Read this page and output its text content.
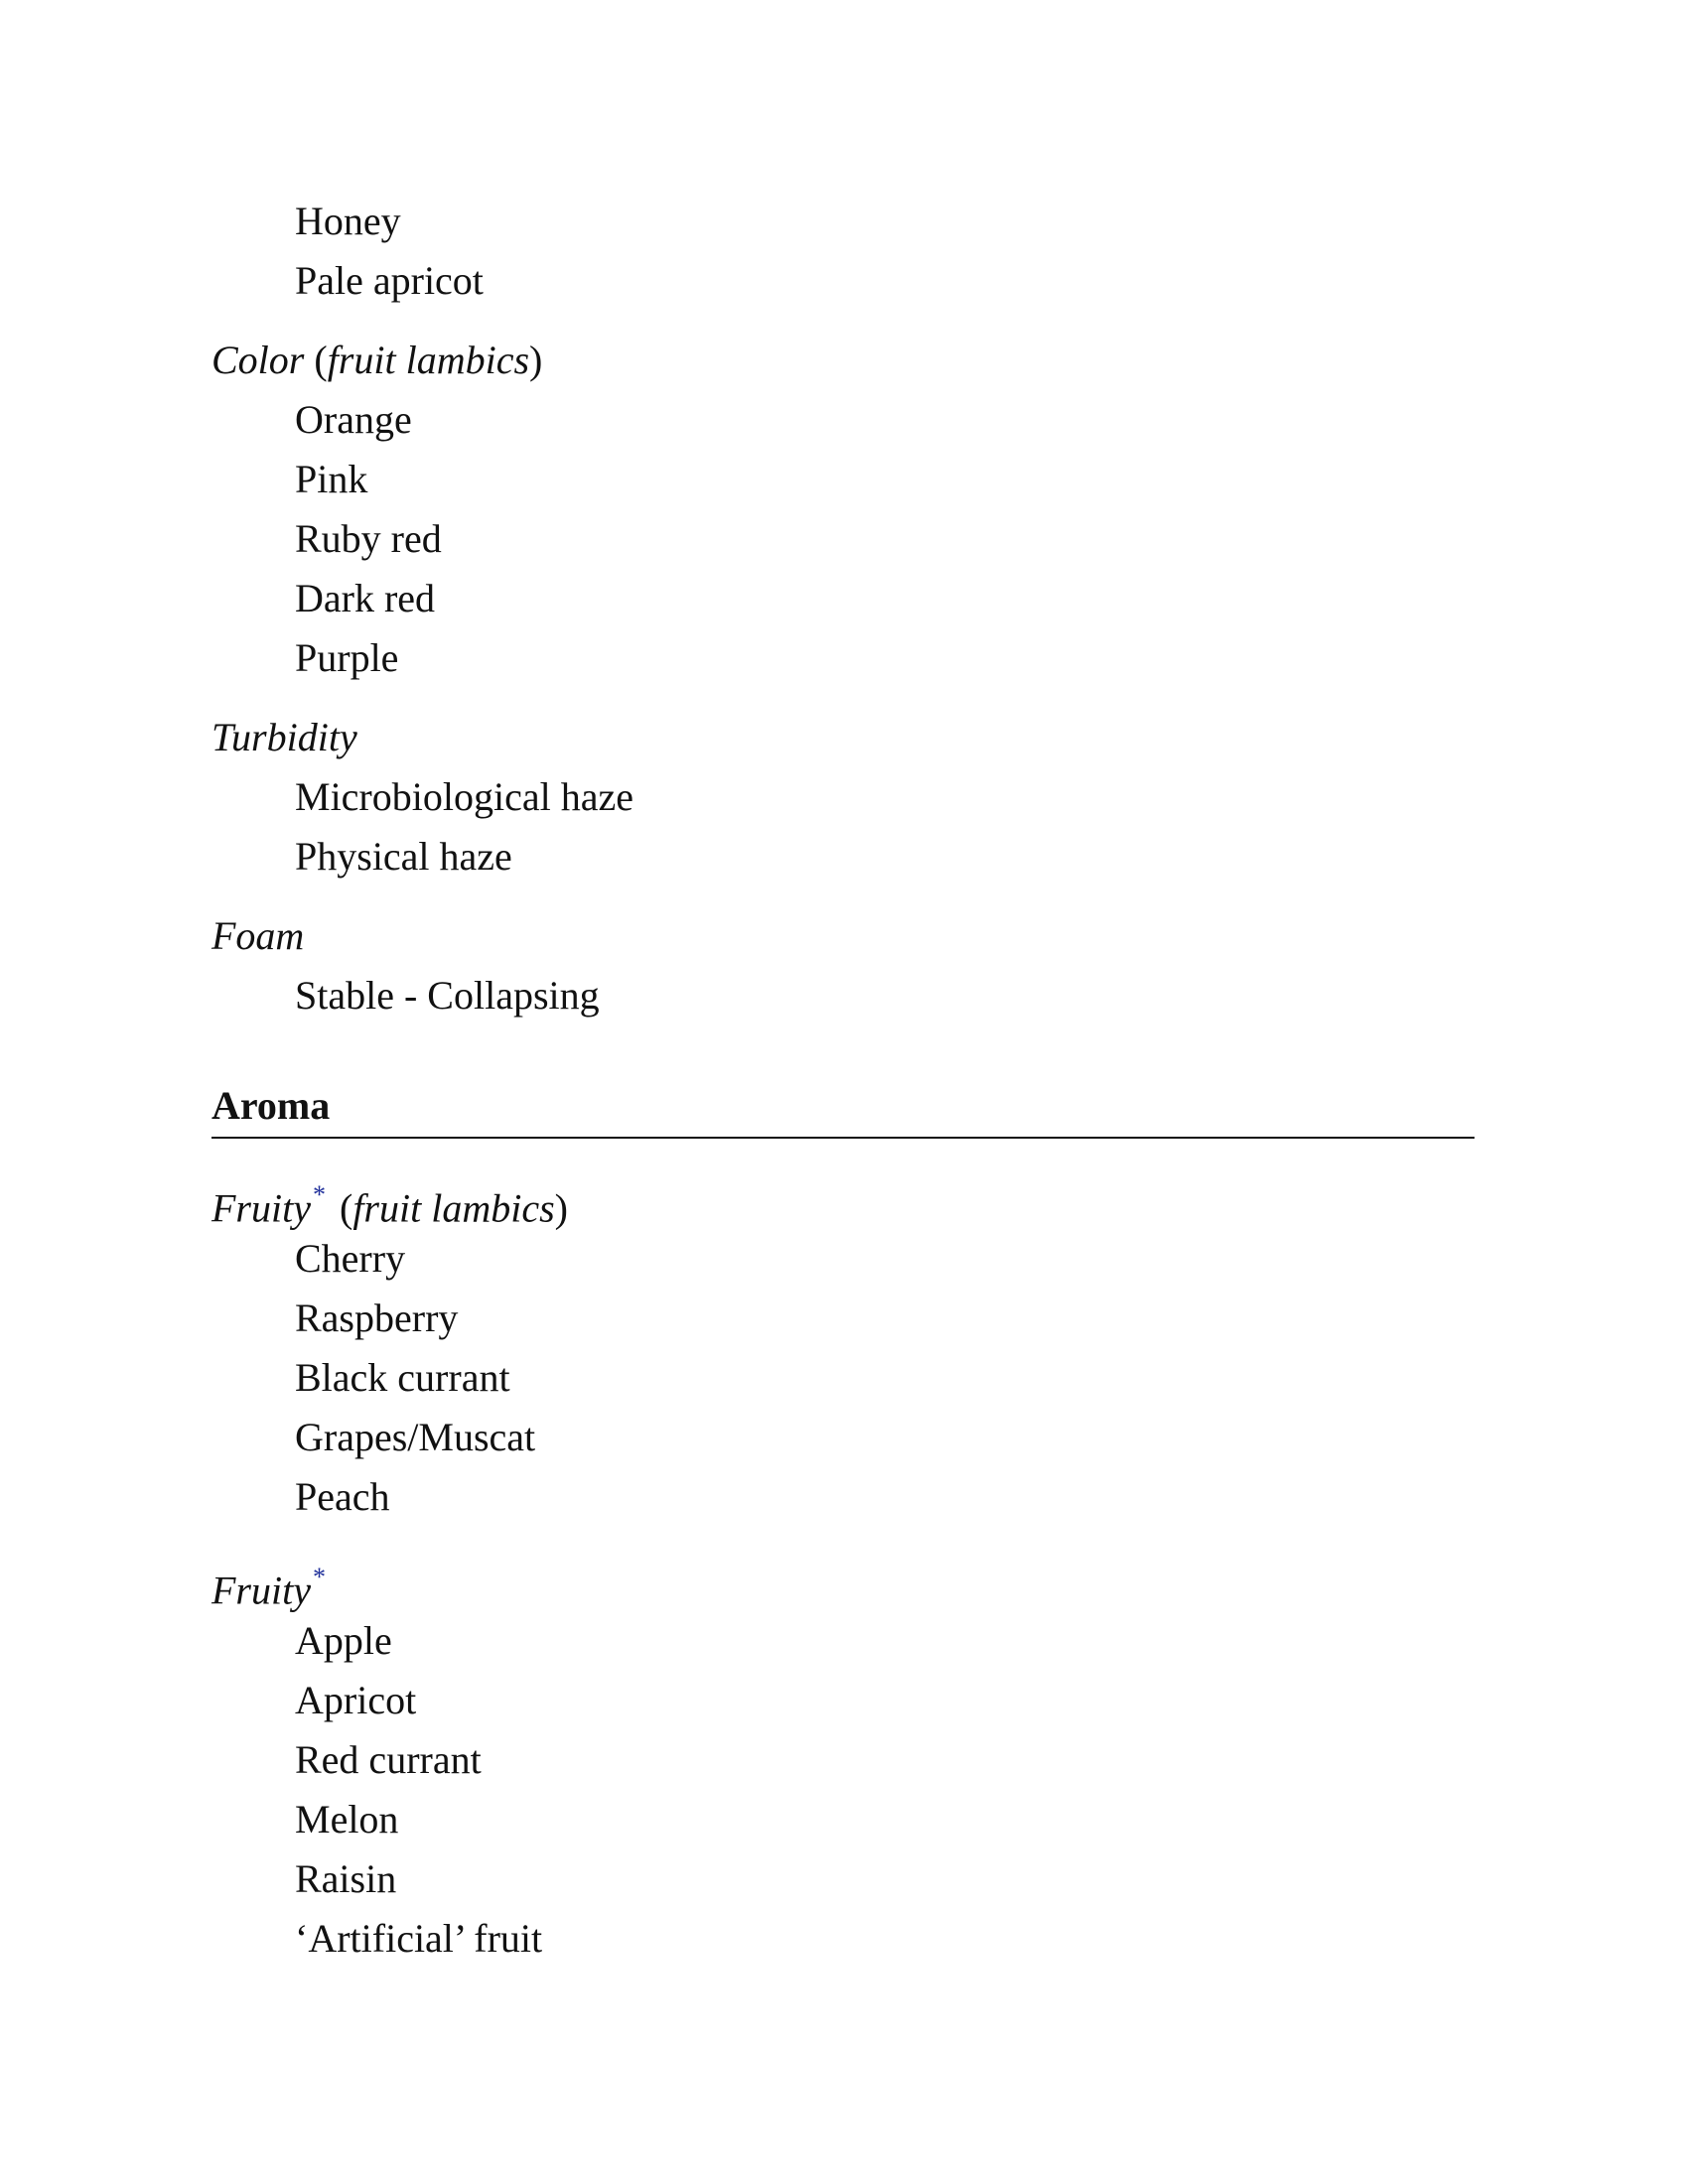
Honey
Pale apricot
Color (fruit lambics)
Orange
Pink
Ruby red
Dark red
Purple
Turbidity
Microbiological haze
Physical haze
Foam
Stable - Collapsing
Aroma
Fruity* (fruit lambics)
Cherry
Raspberry
Black currant
Grapes/Muscat
Peach
Fruity*
Apple
Apricot
Red currant
Melon
Raisin
‘Artificial’ fruit
